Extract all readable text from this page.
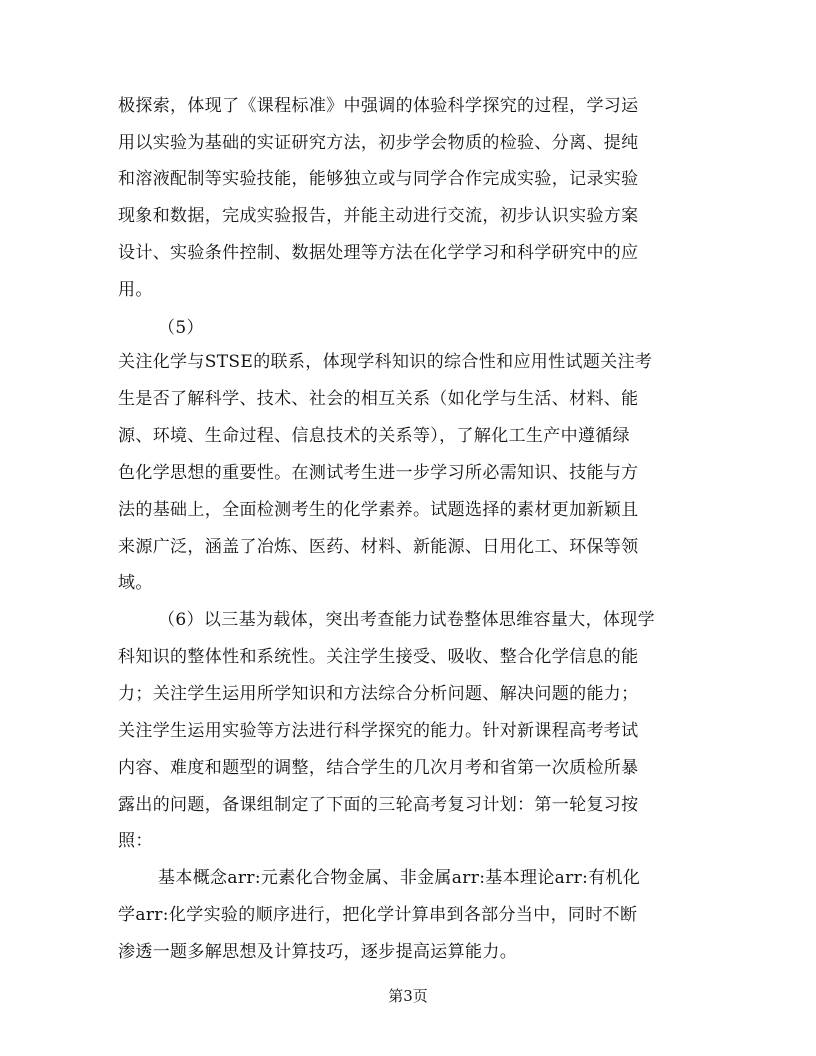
极探索，体现了《课程标准》中强调的体验科学探究的过程，学习运
用以实验为基础的实证研究方法，初步学会物质的检验、分离、提纯
和溶液配制等实验技能，能够独立或与同学合作完成实验，记录实验
现象和数据，完成实验报告，并能主动进行交流，初步认识实验方案
设计、实验条件控制、数据处理等方法在化学学习和科学研究中的应
用。
（5）
关注化学与STSE的联系，体现学科知识的综合性和应用性试题关注考
生是否了解科学、技术、社会的相互关系（如化学与生活、材料、能
源、环境、生命过程、信息技术的关系等），了解化工生产中遵循绿
色化学思想的重要性。在测试考生进一步学习所必需知识、技能与方
法的基础上，全面检测考生的化学素养。试题选择的素材更加新颖且
来源广泛，涵盖了冶炼、医药、材料、新能源、日用化工、环保等领
域。
（6）以三基为载体，突出考查能力试卷整体思维容量大，体现学
科知识的整体性和系统性。关注学生接受、吸收、整合化学信息的能
力；关注学生运用所学知识和方法综合分析问题、解决问题的能力；
关注学生运用实验等方法进行科学探究的能力。针对新课程高考考试
内容、难度和题型的调整，结合学生的几次月考和省第一次质检所暴
露出的问题，备课组制定了下面的三轮高考复习计划：第一轮复习按
照：
基本概念arr:元素化合物金属、非金属arr:基本理论arr:有机化
学arr:化学实验的顺序进行，把化学计算串到各部分当中，同时不断
渗透一题多解思想及计算技巧，逐步提高运算能力。
第3页
